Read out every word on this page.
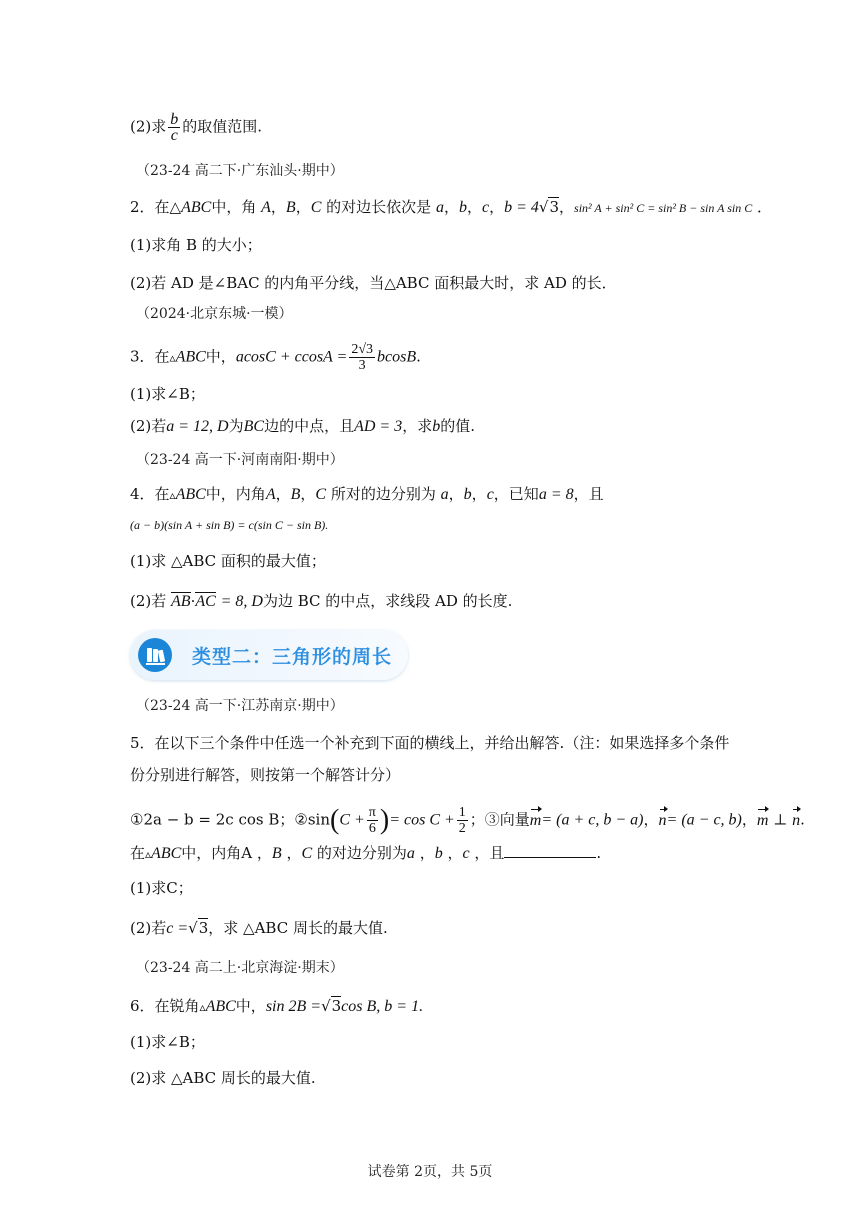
(2)求 $\frac{b}{c}$ 的取值范围.
（23-24 高二下·广东汕头·期中）
2．在△ABC中，角 A，B，C 的对边长依次是 a，b，c，b = 4√3，sin² A + sin² C = sin² B − sin A sin C ．
(1)求角 B 的大小；
(2)若 AD 是∠BAC 的内角平分线，当△ABC 面积最大时，求 AD 的长．
（2024·北京东城·一模）
3．在▵ABC中，$acosC + ccosA = \frac{2√3}{3} bcosB$.
(1)求∠B；
(2)若a = 12, D为BC边的中点，且AD = 3，求b的值.
（23-24 高一下·河南南阳·期中）
4．在▵ABC中，内角A，B，C 所对的边分别为 a，b，c，已知a = 8，且
(a − b)(sin A + sin B) = c(sin C − sin B).
(1)求 △ABC 面积的最大值；
(2)若 AB·AC = 8, D为边 BC 的中点，求线段 AD 的长度.
类型二：三角形的周长
（23-24 高一下·江苏南京·期中）
5．在以下三个条件中任选一个补充到下面的横线上，并给出解答.（注：如果选择多个条件
份分别进行解答，则按第一个解答计分）
①2a − b = 2c cos B；②sin(C + $\frac{\pi}{6}$ )= $\cos C + \frac{1}{2}$ ；③向量m= (a + c, b − a)，n= (a − c, b)，m ⊥ n.
在▵ABC中，内角A ，B ，C 的对边分别为a ，b ，c ，且	.
(1)求C；
(2)若c =√3，求 △ABC 周长的最大值.
（23-24 高二上·北京海淀·期末）
6．在锐角▵ABC中，sin 2B =√3cos B, b = 1.
(1)求∠B；
(2)求 △ABC 周长的最大值.
试卷第 2页，共 5页
